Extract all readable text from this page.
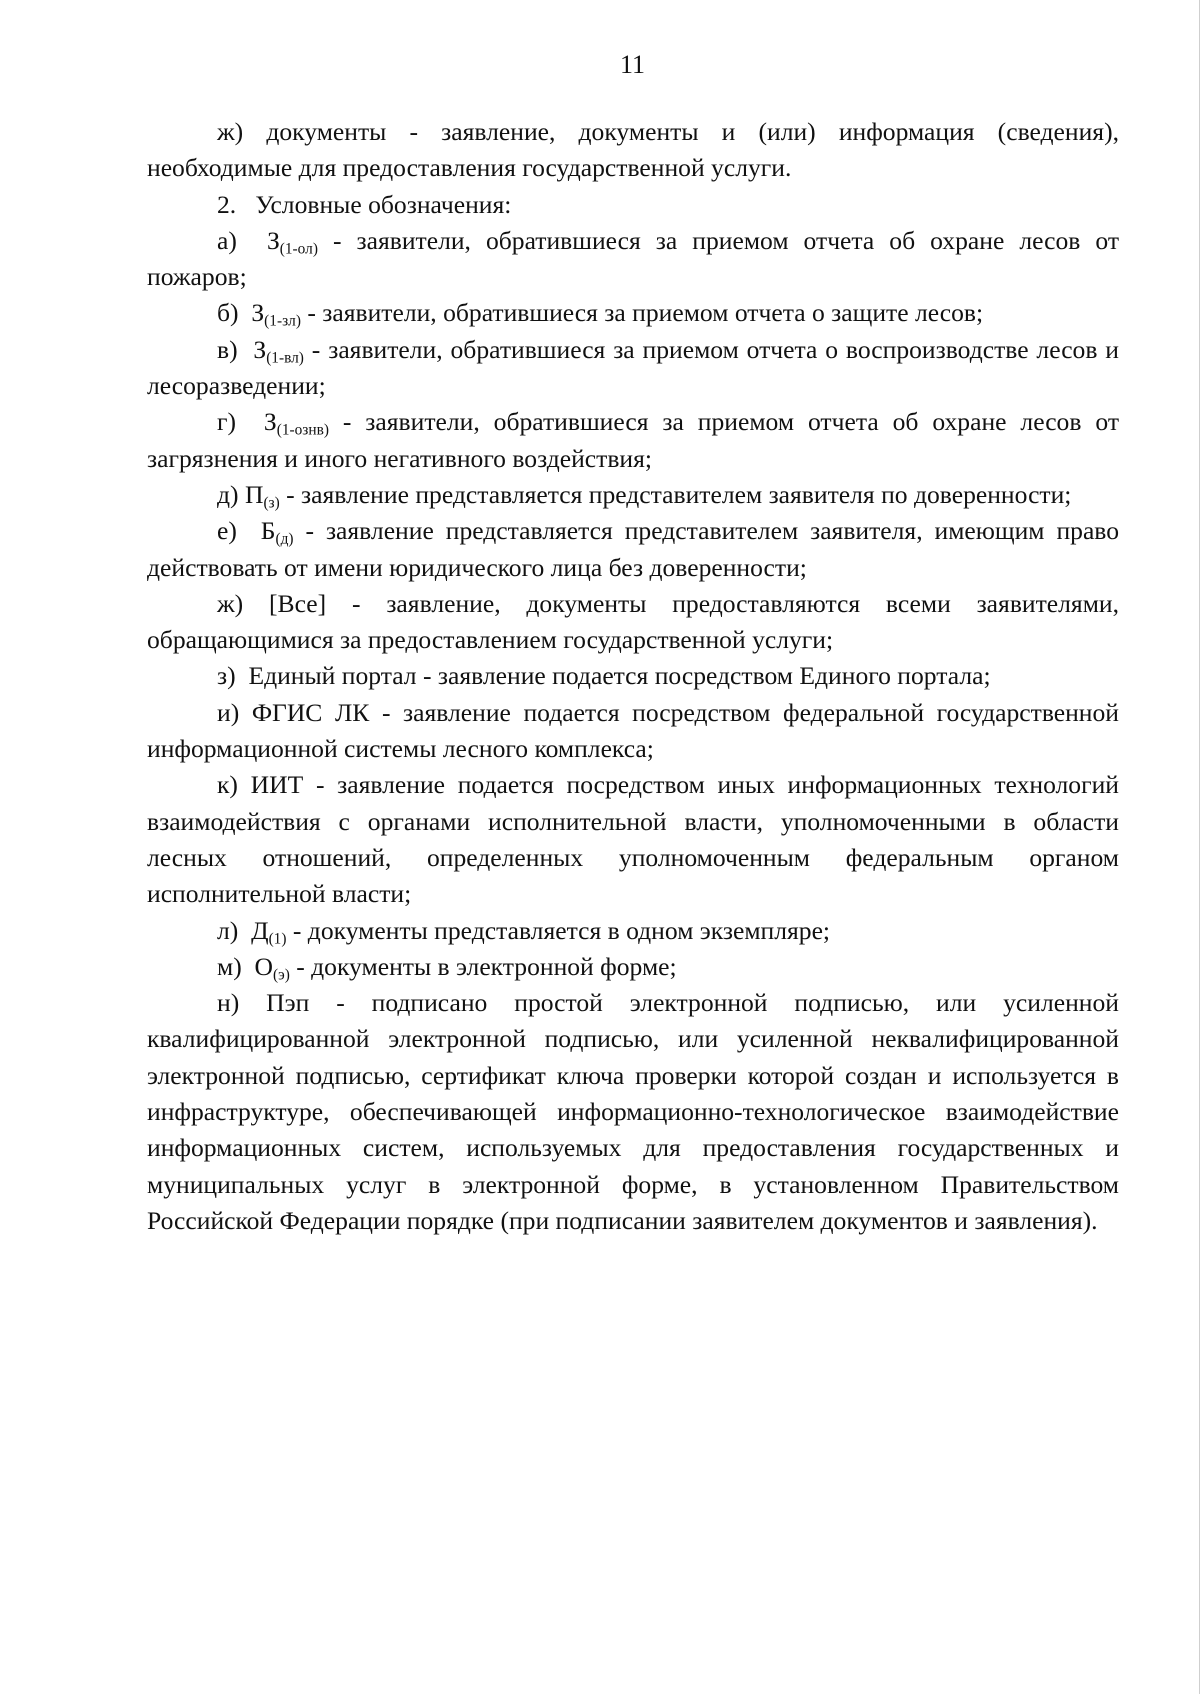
11

ж) документы - заявление, документы и (или) информация (сведения), необходимые для предоставления государственной услуги.

2. Условные обозначения:

а) $З_{(1-ол)}$ - заявители, обратившиеся за приемом отчета об охране лесов от пожаров;

б) $З_{(1-зл)}$ - заявители, обратившиеся за приемом отчета о защите лесов;

в) $З_{(1-вл)}$ - заявители, обратившиеся за приемом отчета о воспроизводстве лесов и лесоразведении;

г) $З_{(1-ознв)}$ - заявители, обратившиеся за приемом отчета об охране лесов от загрязнения и иного негативного воздействия;

д) $П_{(з)}$ - заявление представляется представителем заявителя по доверенности;

е) $Б_{(д)}$ - заявление представляется представителем заявителя, имеющим право действовать от имени юридического лица без доверенности;

ж) [Все] - заявление, документы предоставляются всеми заявителями, обращающимися за предоставлением государственной услуги;

з) Единый портал - заявление подается посредством Единого портала;

и) ФГИС ЛК - заявление подается посредством федеральной государственной информационной системы лесного комплекса;

к) ИИТ - заявление подается посредством иных информационных технологий взаимодействия с органами исполнительной власти, уполномоченными в области лесных отношений, определенных уполномоченным федеральным органом исполнительной власти;

л) $Д_{(1)}$ - документы представляется в одном экземпляре;

м) $О_{(э)}$ - документы в электронной форме;

н) Пэп - подписано простой электронной подписью, или усиленной квалифицированной электронной подписью, или усиленной неквалифицированной электронной подписью, сертификат ключа проверки которой создан и используется в инфраструктуре, обеспечивающей информационно-технологическое взаимодействие информационных систем, используемых для предоставления государственных и муниципальных услуг в электронной форме, в установленном Правительством Российской Федерации порядке (при подписании заявителем документов и заявления).
